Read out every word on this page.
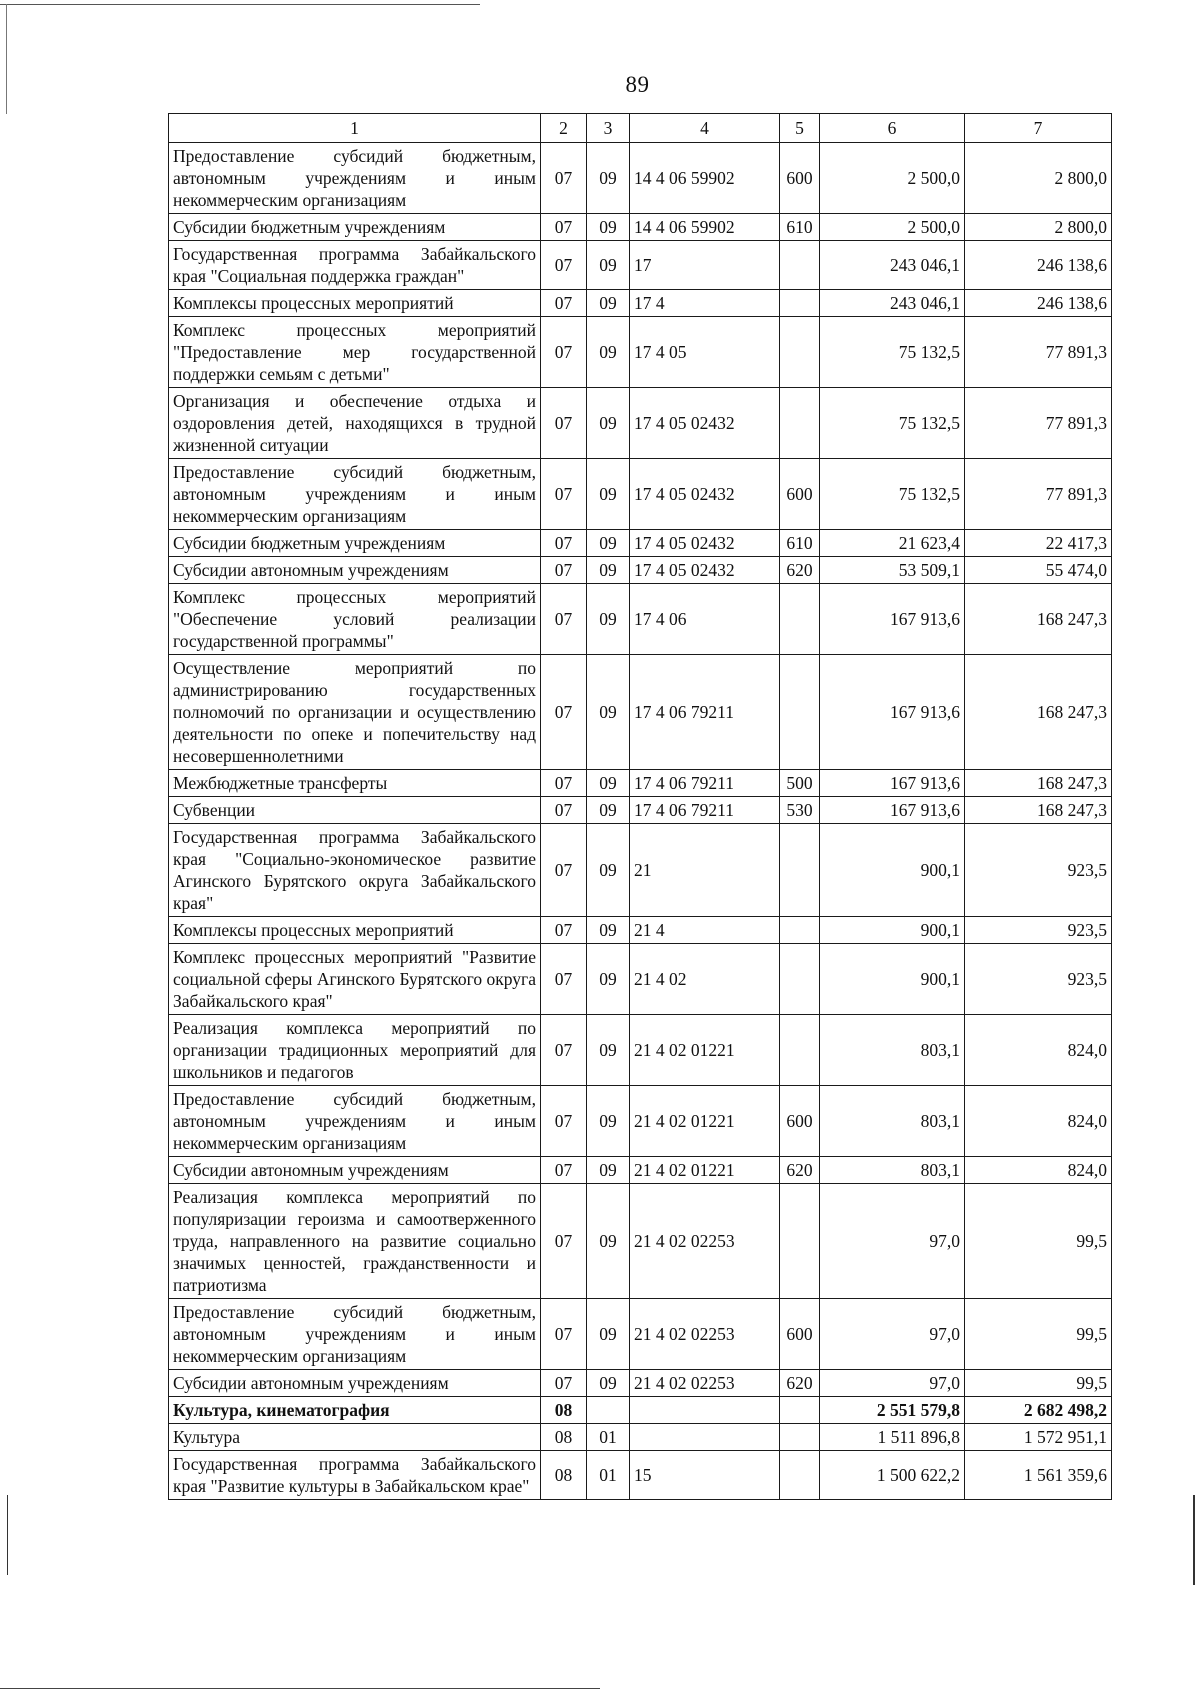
89
1	2	3	4	5	6	7
Предоставление субсидий бюджетным, автономным учреждениям и иным некоммерческим организациям	07	09	14 4 06 59902	600	2 500,0	2 800,0
Субсидии бюджетным учреждениям	07	09	14 4 06 59902	610	2 500,0	2 800,0
Государственная программа Забайкальского края "Социальная поддержка граждан"	07	09	17		243 046,1	246 138,6
Комплексы процессных мероприятий	07	09	17 4		243 046,1	246 138,6
Комплекс процессных мероприятий "Предоставление мер государственной поддержки семьям с детьми"	07	09	17 4 05		75 132,5	77 891,3
Организация и обеспечение отдыха и оздоровления детей, находящихся в трудной жизненной ситуации	07	09	17 4 05 02432		75 132,5	77 891,3
Предоставление субсидий бюджетным, автономным учреждениям и иным некоммерческим организациям	07	09	17 4 05 02432	600	75 132,5	77 891,3
Субсидии бюджетным учреждениям	07	09	17 4 05 02432	610	21 623,4	22 417,3
Субсидии автономным учреждениям	07	09	17 4 05 02432	620	53 509,1	55 474,0
Комплекс процессных мероприятий "Обеспечение условий реализации государственной программы"	07	09	17 4 06		167 913,6	168 247,3
Осуществление мероприятий по администрированию государственных полномочий по организации и осуществлению деятельности по опеке и попечительству над несовершеннолетними	07	09	17 4 06 79211		167 913,6	168 247,3
Межбюджетные трансферты	07	09	17 4 06 79211	500	167 913,6	168 247,3
Субвенции	07	09	17 4 06 79211	530	167 913,6	168 247,3
Государственная программа Забайкальского края "Социально-экономическое развитие Агинского Бурятского округа Забайкальского края"	07	09	21		900,1	923,5
Комплексы процессных мероприятий	07	09	21 4		900,1	923,5
Комплекс процессных мероприятий "Развитие социальной сферы Агинского Бурятского округа Забайкальского края"	07	09	21 4 02		900,1	923,5
Реализация комплекса мероприятий по организации традиционных мероприятий для школьников и педагогов	07	09	21 4 02 01221		803,1	824,0
Предоставление субсидий бюджетным, автономным учреждениям и иным некоммерческим организациям	07	09	21 4 02 01221	600	803,1	824,0
Субсидии автономным учреждениям	07	09	21 4 02 01221	620	803,1	824,0
Реализация комплекса мероприятий по популяризации героизма и самоотверженного труда, направленного на развитие социально значимых ценностей, гражданственности и патриотизма	07	09	21 4 02 02253		97,0	99,5
Предоставление субсидий бюджетным, автономным учреждениям и иным некоммерческим организациям	07	09	21 4 02 02253	600	97,0	99,5
Субсидии автономным учреждениям	07	09	21 4 02 02253	620	97,0	99,5
Культура, кинематография	08				2 551 579,8	2 682 498,2
Культура	08	01			1 511 896,8	1 572 951,1
Государственная программа Забайкальского края "Развитие культуры в Забайкальском крае"	08	01	15		1 500 622,2	1 561 359,6
